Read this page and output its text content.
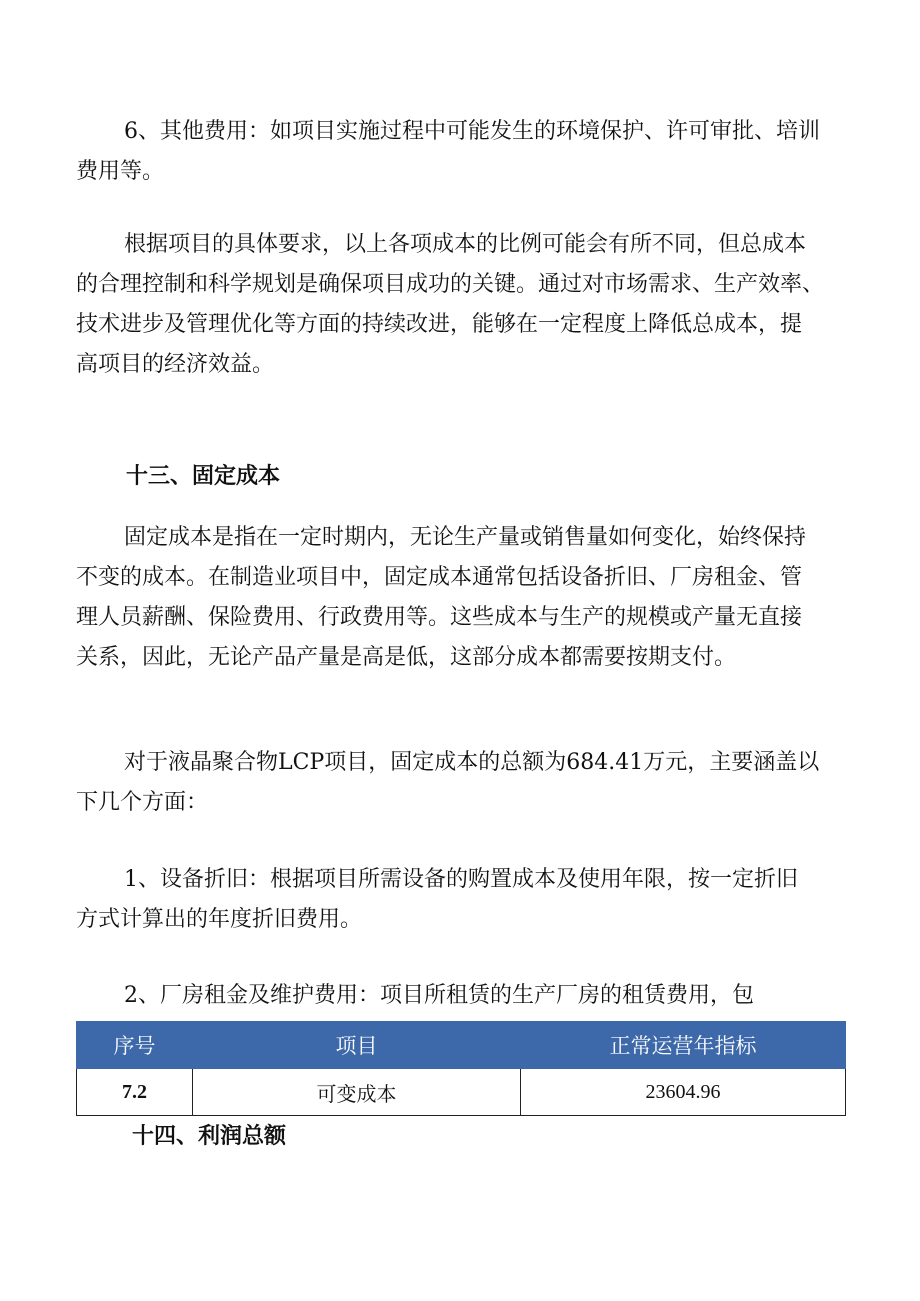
6、其他费用：如项目实施过程中可能发生的环境保护、许可审批、培训
费用等。
根据项目的具体要求，以上各项成本的比例可能会有所不同，但总成本
的合理控制和科学规划是确保项目成功的关键。通过对市场需求、生产效率、
技术进步及管理优化等方面的持续改进，能够在一定程度上降低总成本，提
高项目的经济效益。
十三、固定成本
固定成本是指在一定时期内，无论生产量或销售量如何变化，始终保持
不变的成本。在制造业项目中，固定成本通常包括设备折旧、厂房租金、管
理人员薪酬、保险费用、行政费用等。这些成本与生产的规模或产量无直接
关系，因此，无论产品产量是高是低，这部分成本都需要按期支付。
对于液晶聚合物LCP项目，固定成本的总额为684.41万元，主要涵盖以
下几个方面：
1、设备折旧：根据项目所需设备的购置成本及使用年限，按一定折旧
方式计算出的年度折旧费用。
2、厂房租金及维护费用：项目所租赁的生产厂房的租赁费用，包
序号	项目	正常运营年指标
7.2	可变成本	23604.96
十四、利润总额
